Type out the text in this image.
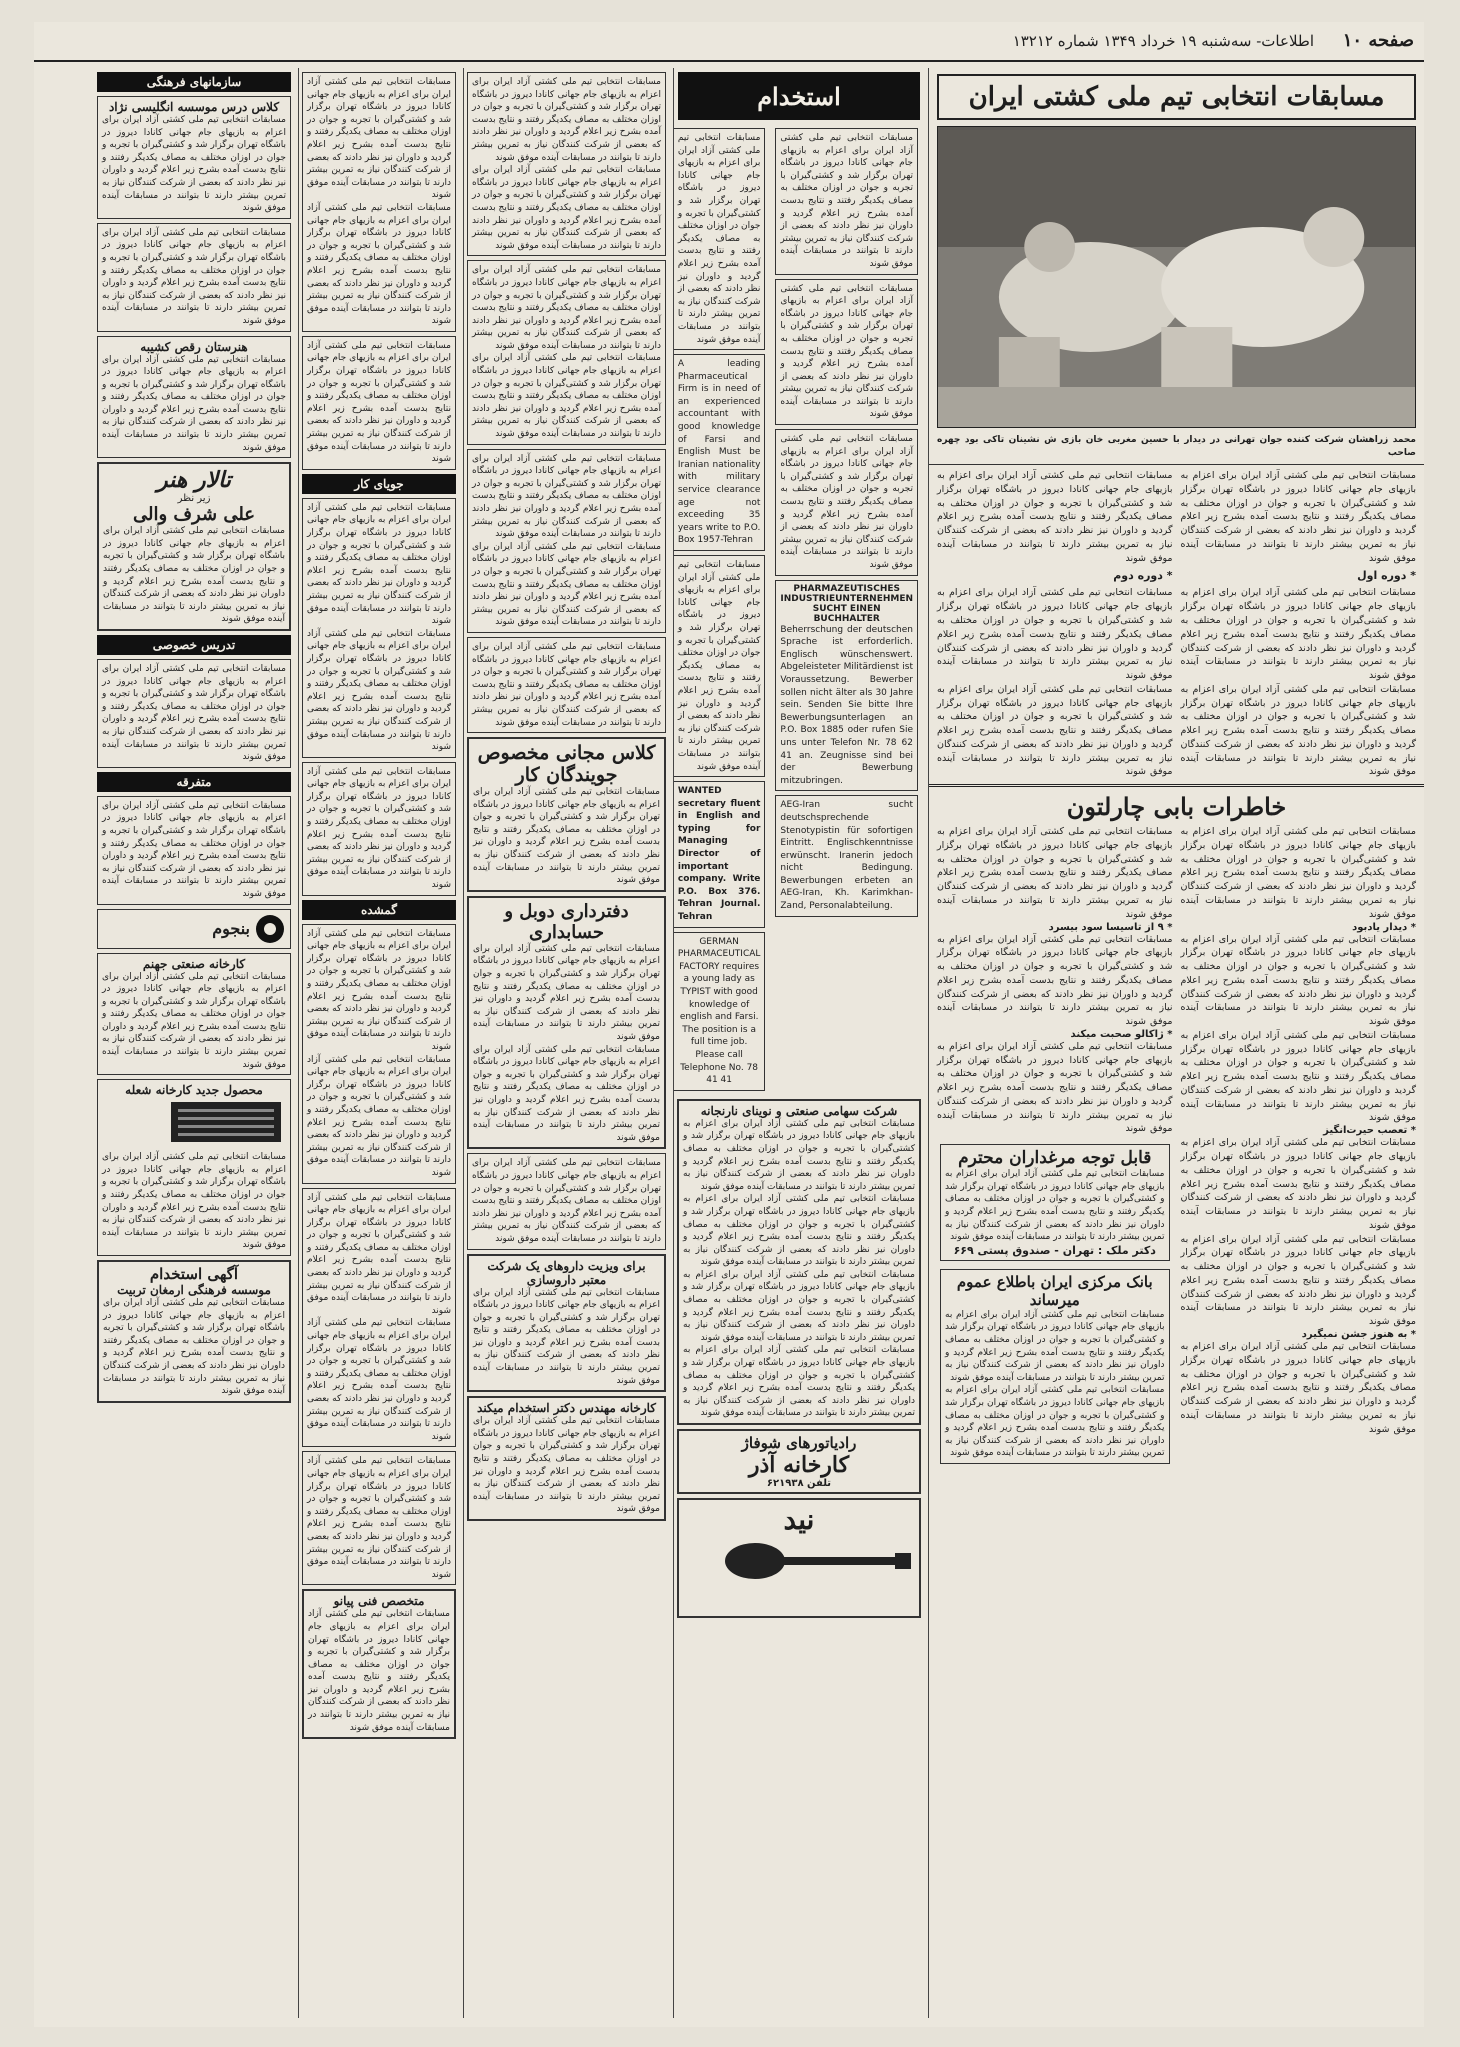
صفحه ۱۰
اطلاعات- سه‌شنبه ۱۹ خرداد ۱۳۴۹ شماره ۱۳۲۱۲
مسابقات انتخابی تیم ملی کشتی ایران
محمد زراهشان شرکت کننده جوان تهرانی در دیدار با حسین مغربی خان بازی ش نشینان تاکی بود چهره صاحب
مسابقات انتخابی تیم ملی کشتی آزاد ایران برای اعزام به بازیهای جام جهانی کانادا دیروز در باشگاه تهران برگزار شد و کشتی‌گیران با تجربه و جوان در اوزان مختلف به مصاف یکدیگر رفتند و نتایج بدست آمده بشرح زیر اعلام گردید و داوران نیز نظر دادند که بعضی از شرکت کنندگان نیاز به تمرین بیشتر دارند تا بتوانند در مسابقات آینده موفق شوند
* دوره اول
مسابقات انتخابی تیم ملی کشتی آزاد ایران برای اعزام به بازیهای جام جهانی کانادا دیروز در باشگاه تهران برگزار شد و کشتی‌گیران با تجربه و جوان در اوزان مختلف به مصاف یکدیگر رفتند و نتایج بدست آمده بشرح زیر اعلام گردید و داوران نیز نظر دادند که بعضی از شرکت کنندگان نیاز به تمرین بیشتر دارند تا بتوانند در مسابقات آینده موفق شوند
مسابقات انتخابی تیم ملی کشتی آزاد ایران برای اعزام به بازیهای جام جهانی کانادا دیروز در باشگاه تهران برگزار شد و کشتی‌گیران با تجربه و جوان در اوزان مختلف به مصاف یکدیگر رفتند و نتایج بدست آمده بشرح زیر اعلام گردید و داوران نیز نظر دادند که بعضی از شرکت کنندگان نیاز به تمرین بیشتر دارند تا بتوانند در مسابقات آینده موفق شوند
مسابقات انتخابی تیم ملی کشتی آزاد ایران برای اعزام به بازیهای جام جهانی کانادا دیروز در باشگاه تهران برگزار شد و کشتی‌گیران با تجربه و جوان در اوزان مختلف به مصاف یکدیگر رفتند و نتایج بدست آمده بشرح زیر اعلام گردید و داوران نیز نظر دادند که بعضی از شرکت کنندگان نیاز به تمرین بیشتر دارند تا بتوانند در مسابقات آینده موفق شوند
* دوره دوم
مسابقات انتخابی تیم ملی کشتی آزاد ایران برای اعزام به بازیهای جام جهانی کانادا دیروز در باشگاه تهران برگزار شد و کشتی‌گیران با تجربه و جوان در اوزان مختلف به مصاف یکدیگر رفتند و نتایج بدست آمده بشرح زیر اعلام گردید و داوران نیز نظر دادند که بعضی از شرکت کنندگان نیاز به تمرین بیشتر دارند تا بتوانند در مسابقات آینده موفق شوند
مسابقات انتخابی تیم ملی کشتی آزاد ایران برای اعزام به بازیهای جام جهانی کانادا دیروز در باشگاه تهران برگزار شد و کشتی‌گیران با تجربه و جوان در اوزان مختلف به مصاف یکدیگر رفتند و نتایج بدست آمده بشرح زیر اعلام گردید و داوران نیز نظر دادند که بعضی از شرکت کنندگان نیاز به تمرین بیشتر دارند تا بتوانند در مسابقات آینده موفق شوند
خاطرات بابی چارلتون
مسابقات انتخابی تیم ملی کشتی آزاد ایران برای اعزام به بازیهای جام جهانی کانادا دیروز در باشگاه تهران برگزار شد و کشتی‌گیران با تجربه و جوان در اوزان مختلف به مصاف یکدیگر رفتند و نتایج بدست آمده بشرح زیر اعلام گردید و داوران نیز نظر دادند که بعضی از شرکت کنندگان نیاز به تمرین بیشتر دارند تا بتوانند در مسابقات آینده موفق شوند
* دیدار یادبود
مسابقات انتخابی تیم ملی کشتی آزاد ایران برای اعزام به بازیهای جام جهانی کانادا دیروز در باشگاه تهران برگزار شد و کشتی‌گیران با تجربه و جوان در اوزان مختلف به مصاف یکدیگر رفتند و نتایج بدست آمده بشرح زیر اعلام گردید و داوران نیز نظر دادند که بعضی از شرکت کنندگان نیاز به تمرین بیشتر دارند تا بتوانند در مسابقات آینده موفق شوند
مسابقات انتخابی تیم ملی کشتی آزاد ایران برای اعزام به بازیهای جام جهانی کانادا دیروز در باشگاه تهران برگزار شد و کشتی‌گیران با تجربه و جوان در اوزان مختلف به مصاف یکدیگر رفتند و نتایج بدست آمده بشرح زیر اعلام گردید و داوران نیز نظر دادند که بعضی از شرکت کنندگان نیاز به تمرین بیشتر دارند تا بتوانند در مسابقات آینده موفق شوند
* تعصب حیرت‌انگیز
مسابقات انتخابی تیم ملی کشتی آزاد ایران برای اعزام به بازیهای جام جهانی کانادا دیروز در باشگاه تهران برگزار شد و کشتی‌گیران با تجربه و جوان در اوزان مختلف به مصاف یکدیگر رفتند و نتایج بدست آمده بشرح زیر اعلام گردید و داوران نیز نظر دادند که بعضی از شرکت کنندگان نیاز به تمرین بیشتر دارند تا بتوانند در مسابقات آینده موفق شوند
مسابقات انتخابی تیم ملی کشتی آزاد ایران برای اعزام به بازیهای جام جهانی کانادا دیروز در باشگاه تهران برگزار شد و کشتی‌گیران با تجربه و جوان در اوزان مختلف به مصاف یکدیگر رفتند و نتایج بدست آمده بشرح زیر اعلام گردید و داوران نیز نظر دادند که بعضی از شرکت کنندگان نیاز به تمرین بیشتر دارند تا بتوانند در مسابقات آینده موفق شوند
* به هنوز جشن نمیگیرد
مسابقات انتخابی تیم ملی کشتی آزاد ایران برای اعزام به بازیهای جام جهانی کانادا دیروز در باشگاه تهران برگزار شد و کشتی‌گیران با تجربه و جوان در اوزان مختلف به مصاف یکدیگر رفتند و نتایج بدست آمده بشرح زیر اعلام گردید و داوران نیز نظر دادند که بعضی از شرکت کنندگان نیاز به تمرین بیشتر دارند تا بتوانند در مسابقات آینده موفق شوند
مسابقات انتخابی تیم ملی کشتی آزاد ایران برای اعزام به بازیهای جام جهانی کانادا دیروز در باشگاه تهران برگزار شد و کشتی‌گیران با تجربه و جوان در اوزان مختلف به مصاف یکدیگر رفتند و نتایج بدست آمده بشرح زیر اعلام گردید و داوران نیز نظر دادند که بعضی از شرکت کنندگان نیاز به تمرین بیشتر دارند تا بتوانند در مسابقات آینده موفق شوند
* ۹ از تاسیسا سود بیسرد
مسابقات انتخابی تیم ملی کشتی آزاد ایران برای اعزام به بازیهای جام جهانی کانادا دیروز در باشگاه تهران برگزار شد و کشتی‌گیران با تجربه و جوان در اوزان مختلف به مصاف یکدیگر رفتند و نتایج بدست آمده بشرح زیر اعلام گردید و داوران نیز نظر دادند که بعضی از شرکت کنندگان نیاز به تمرین بیشتر دارند تا بتوانند در مسابقات آینده موفق شوند
* ژاکالو صحبت میکند
مسابقات انتخابی تیم ملی کشتی آزاد ایران برای اعزام به بازیهای جام جهانی کانادا دیروز در باشگاه تهران برگزار شد و کشتی‌گیران با تجربه و جوان در اوزان مختلف به مصاف یکدیگر رفتند و نتایج بدست آمده بشرح زیر اعلام گردید و داوران نیز نظر دادند که بعضی از شرکت کنندگان نیاز به تمرین بیشتر دارند تا بتوانند در مسابقات آینده موفق شوند
قابل توجه مرغداران محترم
مسابقات انتخابی تیم ملی کشتی آزاد ایران برای اعزام به بازیهای جام جهانی کانادا دیروز در باشگاه تهران برگزار شد و کشتی‌گیران با تجربه و جوان در اوزان مختلف به مصاف یکدیگر رفتند و نتایج بدست آمده بشرح زیر اعلام گردید و داوران نیز نظر دادند که بعضی از شرکت کنندگان نیاز به تمرین بیشتر دارند تا بتوانند در مسابقات آینده موفق شوند
دکتر ملک : تهران - صندوق پستی ۶۶۹
بانک مرکزی ایران باطلاع عموم میرساند
مسابقات انتخابی تیم ملی کشتی آزاد ایران برای اعزام به بازیهای جام جهانی کانادا دیروز در باشگاه تهران برگزار شد و کشتی‌گیران با تجربه و جوان در اوزان مختلف به مصاف یکدیگر رفتند و نتایج بدست آمده بشرح زیر اعلام گردید و داوران نیز نظر دادند که بعضی از شرکت کنندگان نیاز به تمرین بیشتر دارند تا بتوانند در مسابقات آینده موفق شوند
مسابقات انتخابی تیم ملی کشتی آزاد ایران برای اعزام به بازیهای جام جهانی کانادا دیروز در باشگاه تهران برگزار شد و کشتی‌گیران با تجربه و جوان در اوزان مختلف به مصاف یکدیگر رفتند و نتایج بدست آمده بشرح زیر اعلام گردید و داوران نیز نظر دادند که بعضی از شرکت کنندگان نیاز به تمرین بیشتر دارند تا بتوانند در مسابقات آینده موفق شوند
استخدام
مسابقات انتخابی تیم ملی کشتی آزاد ایران برای اعزام به بازیهای جام جهانی کانادا دیروز در باشگاه تهران برگزار شد و کشتی‌گیران با تجربه و جوان در اوزان مختلف به مصاف یکدیگر رفتند و نتایج بدست آمده بشرح زیر اعلام گردید و داوران نیز نظر دادند که بعضی از شرکت کنندگان نیاز به تمرین بیشتر دارند تا بتوانند در مسابقات آینده موفق شوند
مسابقات انتخابی تیم ملی کشتی آزاد ایران برای اعزام به بازیهای جام جهانی کانادا دیروز در باشگاه تهران برگزار شد و کشتی‌گیران با تجربه و جوان در اوزان مختلف به مصاف یکدیگر رفتند و نتایج بدست آمده بشرح زیر اعلام گردید و داوران نیز نظر دادند که بعضی از شرکت کنندگان نیاز به تمرین بیشتر دارند تا بتوانند در مسابقات آینده موفق شوند
مسابقات انتخابی تیم ملی کشتی آزاد ایران برای اعزام به بازیهای جام جهانی کانادا دیروز در باشگاه تهران برگزار شد و کشتی‌گیران با تجربه و جوان در اوزان مختلف به مصاف یکدیگر رفتند و نتایج بدست آمده بشرح زیر اعلام گردید و داوران نیز نظر دادند که بعضی از شرکت کنندگان نیاز به تمرین بیشتر دارند تا بتوانند در مسابقات آینده موفق شوند
PHARMAZEUTISCHES INDUSTRIEUNTERNEHMEN SUCHT EINEN BUCHHALTER
Beherrschung der deutschen Sprache ist erforderlich. Englisch wünschenswert. Abgeleisteter Militärdienst ist Voraussetzung. Bewerber sollen nicht älter als 30 Jahre sein. Senden Sie bitte Ihre Bewerbungsunterlagen an P.O. Box 1885 oder rufen Sie uns unter Telefon Nr. 78 62 41 an. Zeugnisse sind bei der Bewerbung mitzubringen.
AEG-Iran sucht deutschsprechende Stenotypistin für sofortigen Eintritt. Englischkenntnisse erwünscht. Iranerin jedoch nicht Bedingung. Bewerbungen erbeten an AEG-Iran, Kh. Karimkhan-Zand, Personalabteilung.
مسابقات انتخابی تیم ملی کشتی آزاد ایران برای اعزام به بازیهای جام جهانی کانادا دیروز در باشگاه تهران برگزار شد و کشتی‌گیران با تجربه و جوان در اوزان مختلف به مصاف یکدیگر رفتند و نتایج بدست آمده بشرح زیر اعلام گردید و داوران نیز نظر دادند که بعضی از شرکت کنندگان نیاز به تمرین بیشتر دارند تا بتوانند در مسابقات آینده موفق شوند
A leading Pharmaceutical Firm is in need of an experienced accountant with good knowledge of Farsi and English Must be Iranian nationality with military service clearance age not exceeding 35 years write to P.O. Box 1957-Tehran
مسابقات انتخابی تیم ملی کشتی آزاد ایران برای اعزام به بازیهای جام جهانی کانادا دیروز در باشگاه تهران برگزار شد و کشتی‌گیران با تجربه و جوان در اوزان مختلف به مصاف یکدیگر رفتند و نتایج بدست آمده بشرح زیر اعلام گردید و داوران نیز نظر دادند که بعضی از شرکت کنندگان نیاز به تمرین بیشتر دارند تا بتوانند در مسابقات آینده موفق شوند
WANTED secretary fluent in English and typing for Managing Director of important company. Write P.O. Box 376. Tehran Journal. Tehran
GERMAN PHARMACEUTICAL FACTORY requires a young lady as TYPIST with good knowledge of english and Farsi. The position is a full time job. Please call Telephone No. 78 41 41
شرکت سهامی صنعتی و نوینای نارنجانه
مسابقات انتخابی تیم ملی کشتی آزاد ایران برای اعزام به بازیهای جام جهانی کانادا دیروز در باشگاه تهران برگزار شد و کشتی‌گیران با تجربه و جوان در اوزان مختلف به مصاف یکدیگر رفتند و نتایج بدست آمده بشرح زیر اعلام گردید و داوران نیز نظر دادند که بعضی از شرکت کنندگان نیاز به تمرین بیشتر دارند تا بتوانند در مسابقات آینده موفق شوند
مسابقات انتخابی تیم ملی کشتی آزاد ایران برای اعزام به بازیهای جام جهانی کانادا دیروز در باشگاه تهران برگزار شد و کشتی‌گیران با تجربه و جوان در اوزان مختلف به مصاف یکدیگر رفتند و نتایج بدست آمده بشرح زیر اعلام گردید و داوران نیز نظر دادند که بعضی از شرکت کنندگان نیاز به تمرین بیشتر دارند تا بتوانند در مسابقات آینده موفق شوند
مسابقات انتخابی تیم ملی کشتی آزاد ایران برای اعزام به بازیهای جام جهانی کانادا دیروز در باشگاه تهران برگزار شد و کشتی‌گیران با تجربه و جوان در اوزان مختلف به مصاف یکدیگر رفتند و نتایج بدست آمده بشرح زیر اعلام گردید و داوران نیز نظر دادند که بعضی از شرکت کنندگان نیاز به تمرین بیشتر دارند تا بتوانند در مسابقات آینده موفق شوند
مسابقات انتخابی تیم ملی کشتی آزاد ایران برای اعزام به بازیهای جام جهانی کانادا دیروز در باشگاه تهران برگزار شد و کشتی‌گیران با تجربه و جوان در اوزان مختلف به مصاف یکدیگر رفتند و نتایج بدست آمده بشرح زیر اعلام گردید و داوران نیز نظر دادند که بعضی از شرکت کنندگان نیاز به تمرین بیشتر دارند تا بتوانند در مسابقات آینده موفق شوند
رادیاتورهای شوفاژ
کارخانه آذر
تلفن ۶۲۱۹۳۸
نید
مسابقات انتخابی تیم ملی کشتی آزاد ایران برای اعزام به بازیهای جام جهانی کانادا دیروز در باشگاه تهران برگزار شد و کشتی‌گیران با تجربه و جوان در اوزان مختلف به مصاف یکدیگر رفتند و نتایج بدست آمده بشرح زیر اعلام گردید و داوران نیز نظر دادند که بعضی از شرکت کنندگان نیاز به تمرین بیشتر دارند تا بتوانند در مسابقات آینده موفق شوند
مسابقات انتخابی تیم ملی کشتی آزاد ایران برای اعزام به بازیهای جام جهانی کانادا دیروز در باشگاه تهران برگزار شد و کشتی‌گیران با تجربه و جوان در اوزان مختلف به مصاف یکدیگر رفتند و نتایج بدست آمده بشرح زیر اعلام گردید و داوران نیز نظر دادند که بعضی از شرکت کنندگان نیاز به تمرین بیشتر دارند تا بتوانند در مسابقات آینده موفق شوند
مسابقات انتخابی تیم ملی کشتی آزاد ایران برای اعزام به بازیهای جام جهانی کانادا دیروز در باشگاه تهران برگزار شد و کشتی‌گیران با تجربه و جوان در اوزان مختلف به مصاف یکدیگر رفتند و نتایج بدست آمده بشرح زیر اعلام گردید و داوران نیز نظر دادند که بعضی از شرکت کنندگان نیاز به تمرین بیشتر دارند تا بتوانند در مسابقات آینده موفق شوند
مسابقات انتخابی تیم ملی کشتی آزاد ایران برای اعزام به بازیهای جام جهانی کانادا دیروز در باشگاه تهران برگزار شد و کشتی‌گیران با تجربه و جوان در اوزان مختلف به مصاف یکدیگر رفتند و نتایج بدست آمده بشرح زیر اعلام گردید و داوران نیز نظر دادند که بعضی از شرکت کنندگان نیاز به تمرین بیشتر دارند تا بتوانند در مسابقات آینده موفق شوند
مسابقات انتخابی تیم ملی کشتی آزاد ایران برای اعزام به بازیهای جام جهانی کانادا دیروز در باشگاه تهران برگزار شد و کشتی‌گیران با تجربه و جوان در اوزان مختلف به مصاف یکدیگر رفتند و نتایج بدست آمده بشرح زیر اعلام گردید و داوران نیز نظر دادند که بعضی از شرکت کنندگان نیاز به تمرین بیشتر دارند تا بتوانند در مسابقات آینده موفق شوند
مسابقات انتخابی تیم ملی کشتی آزاد ایران برای اعزام به بازیهای جام جهانی کانادا دیروز در باشگاه تهران برگزار شد و کشتی‌گیران با تجربه و جوان در اوزان مختلف به مصاف یکدیگر رفتند و نتایج بدست آمده بشرح زیر اعلام گردید و داوران نیز نظر دادند که بعضی از شرکت کنندگان نیاز به تمرین بیشتر دارند تا بتوانند در مسابقات آینده موفق شوند
مسابقات انتخابی تیم ملی کشتی آزاد ایران برای اعزام به بازیهای جام جهانی کانادا دیروز در باشگاه تهران برگزار شد و کشتی‌گیران با تجربه و جوان در اوزان مختلف به مصاف یکدیگر رفتند و نتایج بدست آمده بشرح زیر اعلام گردید و داوران نیز نظر دادند که بعضی از شرکت کنندگان نیاز به تمرین بیشتر دارند تا بتوانند در مسابقات آینده موفق شوند
کلاس مجانی مخصوص
جویندگان کار
مسابقات انتخابی تیم ملی کشتی آزاد ایران برای اعزام به بازیهای جام جهانی کانادا دیروز در باشگاه تهران برگزار شد و کشتی‌گیران با تجربه و جوان در اوزان مختلف به مصاف یکدیگر رفتند و نتایج بدست آمده بشرح زیر اعلام گردید و داوران نیز نظر دادند که بعضی از شرکت کنندگان نیاز به تمرین بیشتر دارند تا بتوانند در مسابقات آینده موفق شوند
دفترداری دوبل و حسابداری
مسابقات انتخابی تیم ملی کشتی آزاد ایران برای اعزام به بازیهای جام جهانی کانادا دیروز در باشگاه تهران برگزار شد و کشتی‌گیران با تجربه و جوان در اوزان مختلف به مصاف یکدیگر رفتند و نتایج بدست آمده بشرح زیر اعلام گردید و داوران نیز نظر دادند که بعضی از شرکت کنندگان نیاز به تمرین بیشتر دارند تا بتوانند در مسابقات آینده موفق شوند
مسابقات انتخابی تیم ملی کشتی آزاد ایران برای اعزام به بازیهای جام جهانی کانادا دیروز در باشگاه تهران برگزار شد و کشتی‌گیران با تجربه و جوان در اوزان مختلف به مصاف یکدیگر رفتند و نتایج بدست آمده بشرح زیر اعلام گردید و داوران نیز نظر دادند که بعضی از شرکت کنندگان نیاز به تمرین بیشتر دارند تا بتوانند در مسابقات آینده موفق شوند
مسابقات انتخابی تیم ملی کشتی آزاد ایران برای اعزام به بازیهای جام جهانی کانادا دیروز در باشگاه تهران برگزار شد و کشتی‌گیران با تجربه و جوان در اوزان مختلف به مصاف یکدیگر رفتند و نتایج بدست آمده بشرح زیر اعلام گردید و داوران نیز نظر دادند که بعضی از شرکت کنندگان نیاز به تمرین بیشتر دارند تا بتوانند در مسابقات آینده موفق شوند
برای ویزیت داروهای یک شرکت معتبر داروسازی
مسابقات انتخابی تیم ملی کشتی آزاد ایران برای اعزام به بازیهای جام جهانی کانادا دیروز در باشگاه تهران برگزار شد و کشتی‌گیران با تجربه و جوان در اوزان مختلف به مصاف یکدیگر رفتند و نتایج بدست آمده بشرح زیر اعلام گردید و داوران نیز نظر دادند که بعضی از شرکت کنندگان نیاز به تمرین بیشتر دارند تا بتوانند در مسابقات آینده موفق شوند
کارخانه مهندس دکتر استخدام میکند
مسابقات انتخابی تیم ملی کشتی آزاد ایران برای اعزام به بازیهای جام جهانی کانادا دیروز در باشگاه تهران برگزار شد و کشتی‌گیران با تجربه و جوان در اوزان مختلف به مصاف یکدیگر رفتند و نتایج بدست آمده بشرح زیر اعلام گردید و داوران نیز نظر دادند که بعضی از شرکت کنندگان نیاز به تمرین بیشتر دارند تا بتوانند در مسابقات آینده موفق شوند
مسابقات انتخابی تیم ملی کشتی آزاد ایران برای اعزام به بازیهای جام جهانی کانادا دیروز در باشگاه تهران برگزار شد و کشتی‌گیران با تجربه و جوان در اوزان مختلف به مصاف یکدیگر رفتند و نتایج بدست آمده بشرح زیر اعلام گردید و داوران نیز نظر دادند که بعضی از شرکت کنندگان نیاز به تمرین بیشتر دارند تا بتوانند در مسابقات آینده موفق شوند
مسابقات انتخابی تیم ملی کشتی آزاد ایران برای اعزام به بازیهای جام جهانی کانادا دیروز در باشگاه تهران برگزار شد و کشتی‌گیران با تجربه و جوان در اوزان مختلف به مصاف یکدیگر رفتند و نتایج بدست آمده بشرح زیر اعلام گردید و داوران نیز نظر دادند که بعضی از شرکت کنندگان نیاز به تمرین بیشتر دارند تا بتوانند در مسابقات آینده موفق شوند
مسابقات انتخابی تیم ملی کشتی آزاد ایران برای اعزام به بازیهای جام جهانی کانادا دیروز در باشگاه تهران برگزار شد و کشتی‌گیران با تجربه و جوان در اوزان مختلف به مصاف یکدیگر رفتند و نتایج بدست آمده بشرح زیر اعلام گردید و داوران نیز نظر دادند که بعضی از شرکت کنندگان نیاز به تمرین بیشتر دارند تا بتوانند در مسابقات آینده موفق شوند
جویای کار
مسابقات انتخابی تیم ملی کشتی آزاد ایران برای اعزام به بازیهای جام جهانی کانادا دیروز در باشگاه تهران برگزار شد و کشتی‌گیران با تجربه و جوان در اوزان مختلف به مصاف یکدیگر رفتند و نتایج بدست آمده بشرح زیر اعلام گردید و داوران نیز نظر دادند که بعضی از شرکت کنندگان نیاز به تمرین بیشتر دارند تا بتوانند در مسابقات آینده موفق شوند
مسابقات انتخابی تیم ملی کشتی آزاد ایران برای اعزام به بازیهای جام جهانی کانادا دیروز در باشگاه تهران برگزار شد و کشتی‌گیران با تجربه و جوان در اوزان مختلف به مصاف یکدیگر رفتند و نتایج بدست آمده بشرح زیر اعلام گردید و داوران نیز نظر دادند که بعضی از شرکت کنندگان نیاز به تمرین بیشتر دارند تا بتوانند در مسابقات آینده موفق شوند
مسابقات انتخابی تیم ملی کشتی آزاد ایران برای اعزام به بازیهای جام جهانی کانادا دیروز در باشگاه تهران برگزار شد و کشتی‌گیران با تجربه و جوان در اوزان مختلف به مصاف یکدیگر رفتند و نتایج بدست آمده بشرح زیر اعلام گردید و داوران نیز نظر دادند که بعضی از شرکت کنندگان نیاز به تمرین بیشتر دارند تا بتوانند در مسابقات آینده موفق شوند
گمشده
مسابقات انتخابی تیم ملی کشتی آزاد ایران برای اعزام به بازیهای جام جهانی کانادا دیروز در باشگاه تهران برگزار شد و کشتی‌گیران با تجربه و جوان در اوزان مختلف به مصاف یکدیگر رفتند و نتایج بدست آمده بشرح زیر اعلام گردید و داوران نیز نظر دادند که بعضی از شرکت کنندگان نیاز به تمرین بیشتر دارند تا بتوانند در مسابقات آینده موفق شوند
مسابقات انتخابی تیم ملی کشتی آزاد ایران برای اعزام به بازیهای جام جهانی کانادا دیروز در باشگاه تهران برگزار شد و کشتی‌گیران با تجربه و جوان در اوزان مختلف به مصاف یکدیگر رفتند و نتایج بدست آمده بشرح زیر اعلام گردید و داوران نیز نظر دادند که بعضی از شرکت کنندگان نیاز به تمرین بیشتر دارند تا بتوانند در مسابقات آینده موفق شوند
مسابقات انتخابی تیم ملی کشتی آزاد ایران برای اعزام به بازیهای جام جهانی کانادا دیروز در باشگاه تهران برگزار شد و کشتی‌گیران با تجربه و جوان در اوزان مختلف به مصاف یکدیگر رفتند و نتایج بدست آمده بشرح زیر اعلام گردید و داوران نیز نظر دادند که بعضی از شرکت کنندگان نیاز به تمرین بیشتر دارند تا بتوانند در مسابقات آینده موفق شوند
مسابقات انتخابی تیم ملی کشتی آزاد ایران برای اعزام به بازیهای جام جهانی کانادا دیروز در باشگاه تهران برگزار شد و کشتی‌گیران با تجربه و جوان در اوزان مختلف به مصاف یکدیگر رفتند و نتایج بدست آمده بشرح زیر اعلام گردید و داوران نیز نظر دادند که بعضی از شرکت کنندگان نیاز به تمرین بیشتر دارند تا بتوانند در مسابقات آینده موفق شوند
مسابقات انتخابی تیم ملی کشتی آزاد ایران برای اعزام به بازیهای جام جهانی کانادا دیروز در باشگاه تهران برگزار شد و کشتی‌گیران با تجربه و جوان در اوزان مختلف به مصاف یکدیگر رفتند و نتایج بدست آمده بشرح زیر اعلام گردید و داوران نیز نظر دادند که بعضی از شرکت کنندگان نیاز به تمرین بیشتر دارند تا بتوانند در مسابقات آینده موفق شوند
متخصص فنی پیانو
مسابقات انتخابی تیم ملی کشتی آزاد ایران برای اعزام به بازیهای جام جهانی کانادا دیروز در باشگاه تهران برگزار شد و کشتی‌گیران با تجربه و جوان در اوزان مختلف به مصاف یکدیگر رفتند و نتایج بدست آمده بشرح زیر اعلام گردید و داوران نیز نظر دادند که بعضی از شرکت کنندگان نیاز به تمرین بیشتر دارند تا بتوانند در مسابقات آینده موفق شوند
سازمانهای فرهنگی
کلاس درس موسسه انگلیسی نژاد
مسابقات انتخابی تیم ملی کشتی آزاد ایران برای اعزام به بازیهای جام جهانی کانادا دیروز در باشگاه تهران برگزار شد و کشتی‌گیران با تجربه و جوان در اوزان مختلف به مصاف یکدیگر رفتند و نتایج بدست آمده بشرح زیر اعلام گردید و داوران نیز نظر دادند که بعضی از شرکت کنندگان نیاز به تمرین بیشتر دارند تا بتوانند در مسابقات آینده موفق شوند
مسابقات انتخابی تیم ملی کشتی آزاد ایران برای اعزام به بازیهای جام جهانی کانادا دیروز در باشگاه تهران برگزار شد و کشتی‌گیران با تجربه و جوان در اوزان مختلف به مصاف یکدیگر رفتند و نتایج بدست آمده بشرح زیر اعلام گردید و داوران نیز نظر دادند که بعضی از شرکت کنندگان نیاز به تمرین بیشتر دارند تا بتوانند در مسابقات آینده موفق شوند
هنرستان رقص کشیبه
مسابقات انتخابی تیم ملی کشتی آزاد ایران برای اعزام به بازیهای جام جهانی کانادا دیروز در باشگاه تهران برگزار شد و کشتی‌گیران با تجربه و جوان در اوزان مختلف به مصاف یکدیگر رفتند و نتایج بدست آمده بشرح زیر اعلام گردید و داوران نیز نظر دادند که بعضی از شرکت کنندگان نیاز به تمرین بیشتر دارند تا بتوانند در مسابقات آینده موفق شوند
تالار هنر
زیر نظر
علی شرف والی
مسابقات انتخابی تیم ملی کشتی آزاد ایران برای اعزام به بازیهای جام جهانی کانادا دیروز در باشگاه تهران برگزار شد و کشتی‌گیران با تجربه و جوان در اوزان مختلف به مصاف یکدیگر رفتند و نتایج بدست آمده بشرح زیر اعلام گردید و داوران نیز نظر دادند که بعضی از شرکت کنندگان نیاز به تمرین بیشتر دارند تا بتوانند در مسابقات آینده موفق شوند
تدریس خصوصی
مسابقات انتخابی تیم ملی کشتی آزاد ایران برای اعزام به بازیهای جام جهانی کانادا دیروز در باشگاه تهران برگزار شد و کشتی‌گیران با تجربه و جوان در اوزان مختلف به مصاف یکدیگر رفتند و نتایج بدست آمده بشرح زیر اعلام گردید و داوران نیز نظر دادند که بعضی از شرکت کنندگان نیاز به تمرین بیشتر دارند تا بتوانند در مسابقات آینده موفق شوند
متفرقه
مسابقات انتخابی تیم ملی کشتی آزاد ایران برای اعزام به بازیهای جام جهانی کانادا دیروز در باشگاه تهران برگزار شد و کشتی‌گیران با تجربه و جوان در اوزان مختلف به مصاف یکدیگر رفتند و نتایج بدست آمده بشرح زیر اعلام گردید و داوران نیز نظر دادند که بعضی از شرکت کنندگان نیاز به تمرین بیشتر دارند تا بتوانند در مسابقات آینده موفق شوند
بنجوم
کارخانه صنعتی جهنم
مسابقات انتخابی تیم ملی کشتی آزاد ایران برای اعزام به بازیهای جام جهانی کانادا دیروز در باشگاه تهران برگزار شد و کشتی‌گیران با تجربه و جوان در اوزان مختلف به مصاف یکدیگر رفتند و نتایج بدست آمده بشرح زیر اعلام گردید و داوران نیز نظر دادند که بعضی از شرکت کنندگان نیاز به تمرین بیشتر دارند تا بتوانند در مسابقات آینده موفق شوند
محصول جدید کارخانه شعله
مسابقات انتخابی تیم ملی کشتی آزاد ایران برای اعزام به بازیهای جام جهانی کانادا دیروز در باشگاه تهران برگزار شد و کشتی‌گیران با تجربه و جوان در اوزان مختلف به مصاف یکدیگر رفتند و نتایج بدست آمده بشرح زیر اعلام گردید و داوران نیز نظر دادند که بعضی از شرکت کنندگان نیاز به تمرین بیشتر دارند تا بتوانند در مسابقات آینده موفق شوند
آگهی استخدام
موسسه فرهنگی ارمغان تربیت
مسابقات انتخابی تیم ملی کشتی آزاد ایران برای اعزام به بازیهای جام جهانی کانادا دیروز در باشگاه تهران برگزار شد و کشتی‌گیران با تجربه و جوان در اوزان مختلف به مصاف یکدیگر رفتند و نتایج بدست آمده بشرح زیر اعلام گردید و داوران نیز نظر دادند که بعضی از شرکت کنندگان نیاز به تمرین بیشتر دارند تا بتوانند در مسابقات آینده موفق شوند
